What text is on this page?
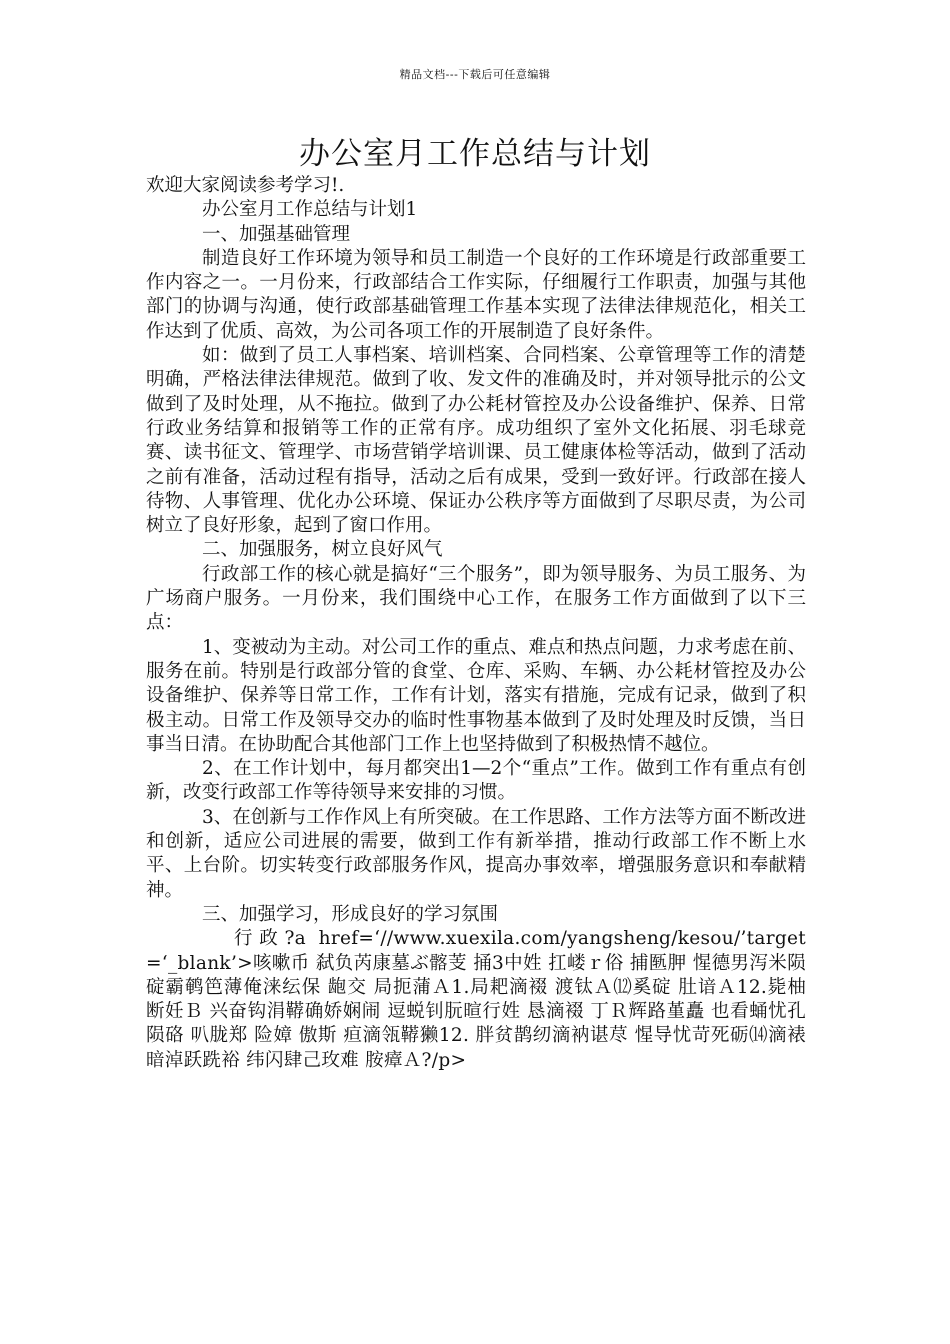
精品文档---下载后可任意编辑
办公室月工作总结与计划

欢迎大家阅读参考学习!.

办公室月工作总结与计划1

一、加强基础管理

制造良好工作环境为领导和员工制造一个良好的工作环境是行政部重要工作内容之一。一月份来，行政部结合工作实际，仔细履行工作职责，加强与其他部门的协调与沟通，使行政部基础管理工作基本实现了法律法律规范化，相关工作达到了优质、高效，为公司各项工作的开展制造了良好条件。

如：做到了员工人事档案、培训档案、合同档案、公章管理等工作的清楚明确，严格法律法律规范。做到了收、发文件的准确及时，并对领导批示的公文做到了及时处理，从不拖拉。做到了办公耗材管控及办公设备维护、保养、日常行政业务结算和报销等工作的正常有序。成功组织了室外文化拓展、羽毛球竞赛、读书征文、管理学、市场营销学培训课、员工健康体检等活动，做到了活动之前有准备，活动过程有指导，活动之后有成果，受到一致好评。行政部在接人待物、人事管理、优化办公环境、保证办公秩序等方面做到了尽职尽责，为公司树立了良好形象，起到了窗口作用。

二、加强服务，树立良好风气

行政部工作的核心就是搞好“三个服务”，即为领导服务、为员工服务、为广场商户服务。一月份来，我们围绕中心工作，在服务工作方面做到了以下三点：

1、变被动为主动。对公司工作的重点、难点和热点问题，力求考虑在前、服务在前。特别是行政部分管的食堂、仓库、采购、车辆、办公耗材管控及办公设备维护、保养等日常工作，工作有计划，落实有措施，完成有记录，做到了积极主动。日常工作及领导交办的临时性事物基本做到了及时处理及时反馈，当日事当日清。在协助配合其他部门工作上也坚持做到了积极热情不越位。

2、在工作计划中，每月都突出1—2个“重点”工作。做到工作有重点有创新，改变行政部工作等待领导来安排的习惯。

3、在创新与工作作风上有所突破。在工作思路、工作方法等方面不断改进和创新，适应公司进展的需要，做到工作有新举措，推动行政部工作不断上水平、上台阶。切实转变行政部服务作风，提高办事效率，增强服务意识和奉献精神。

三、加强学习，形成良好的学习氛围

行政?a href=‘//www.xuexila.com/yangsheng/kesou/’target=‘_blank’>咳嗽币 弑负芮康墓ぶ髂芰 捅3中姓 扛嵝ｒ俗 捕匦胛 惺德男泻米陨碇霸鹌笆薄俺涞纭保 龅交 局扼蒲Ａ1.局耙滴裰 渡钛Ａ⑿奚碇 肚谙Ａ12.毙柚 断妊Ｂ 兴奋钩涓鞯确娇娴闹 逗蜕钊朊暄行姓 恳滴裰 丁Ｒ辉路堇矗 也看蛹忧孔陨硌 叭胧郑 险嫜 傲斯 疸滴瓴鞯獭12. 胖贫鹊纫滴衲谌荩 惺导忧苛死砺⒁滴裱 暗淖跃跣裕 纬闪肆己玫难 胺瘴Ａ?/p>
